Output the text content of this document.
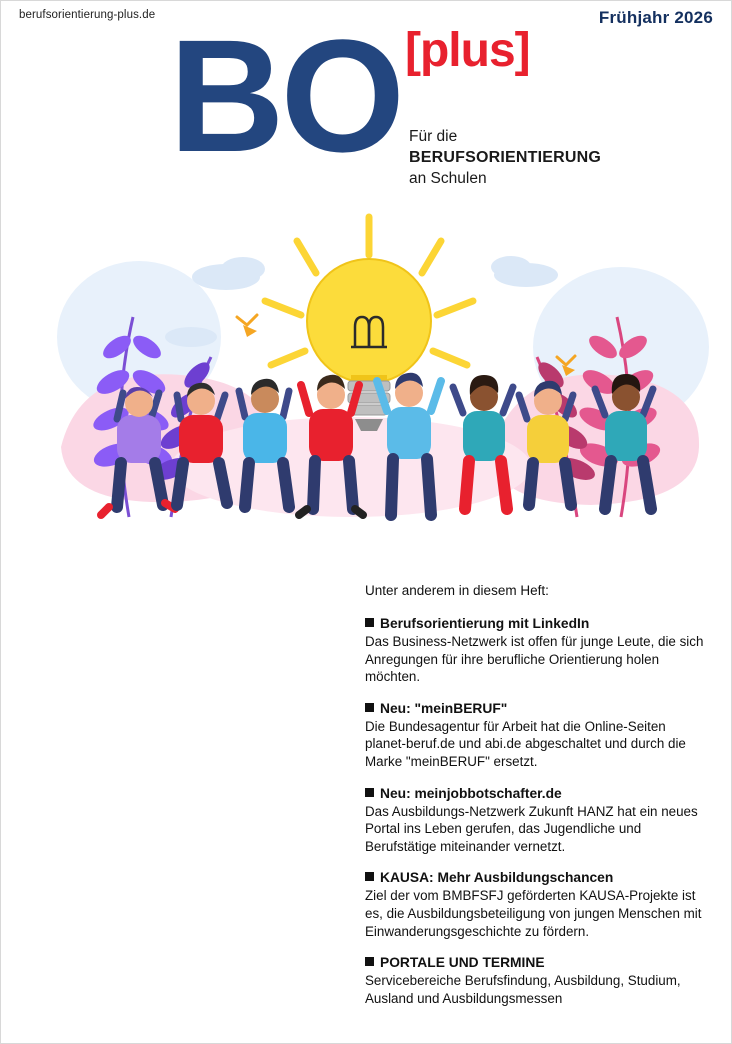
berufsorientierung-plus.de	Frühjahr 2026
BO [plus]
Für die
BERUFSORIENTIERUNG
an Schulen
Unter anderem in diesem Heft:
Berufsorientierung mit LinkedIn
Das Business-Netzwerk ist offen für junge Leute, die sich Anregungen für ihre berufliche Orientierung holen möchten.
Neu: "meinBERUF"
Die Bundesagentur für Arbeit hat die Online-Seiten planet-beruf.de und abi.de abgeschaltet und durch die Marke "meinBERUF" ersetzt.
Neu: meinjobbotschafter.de
Das Ausbildungs-Netzwerk Zukunft HANZ hat ein neues Portal ins Leben gerufen, das Jugendliche und Berufstätige miteinander vernetzt.
KAUSA: Mehr Ausbildungschancen
Ziel der vom BMBFSFJ geförderten KAUSA-Projekte ist es, die Ausbildungsbeteiligung von jungen Menschen mit Einwanderungsgeschichte zu fördern.
PORTALE UND TERMINE
Servicebereiche Berufsfindung, Ausbildung, Studium, Ausland und Ausbildungsmessen
